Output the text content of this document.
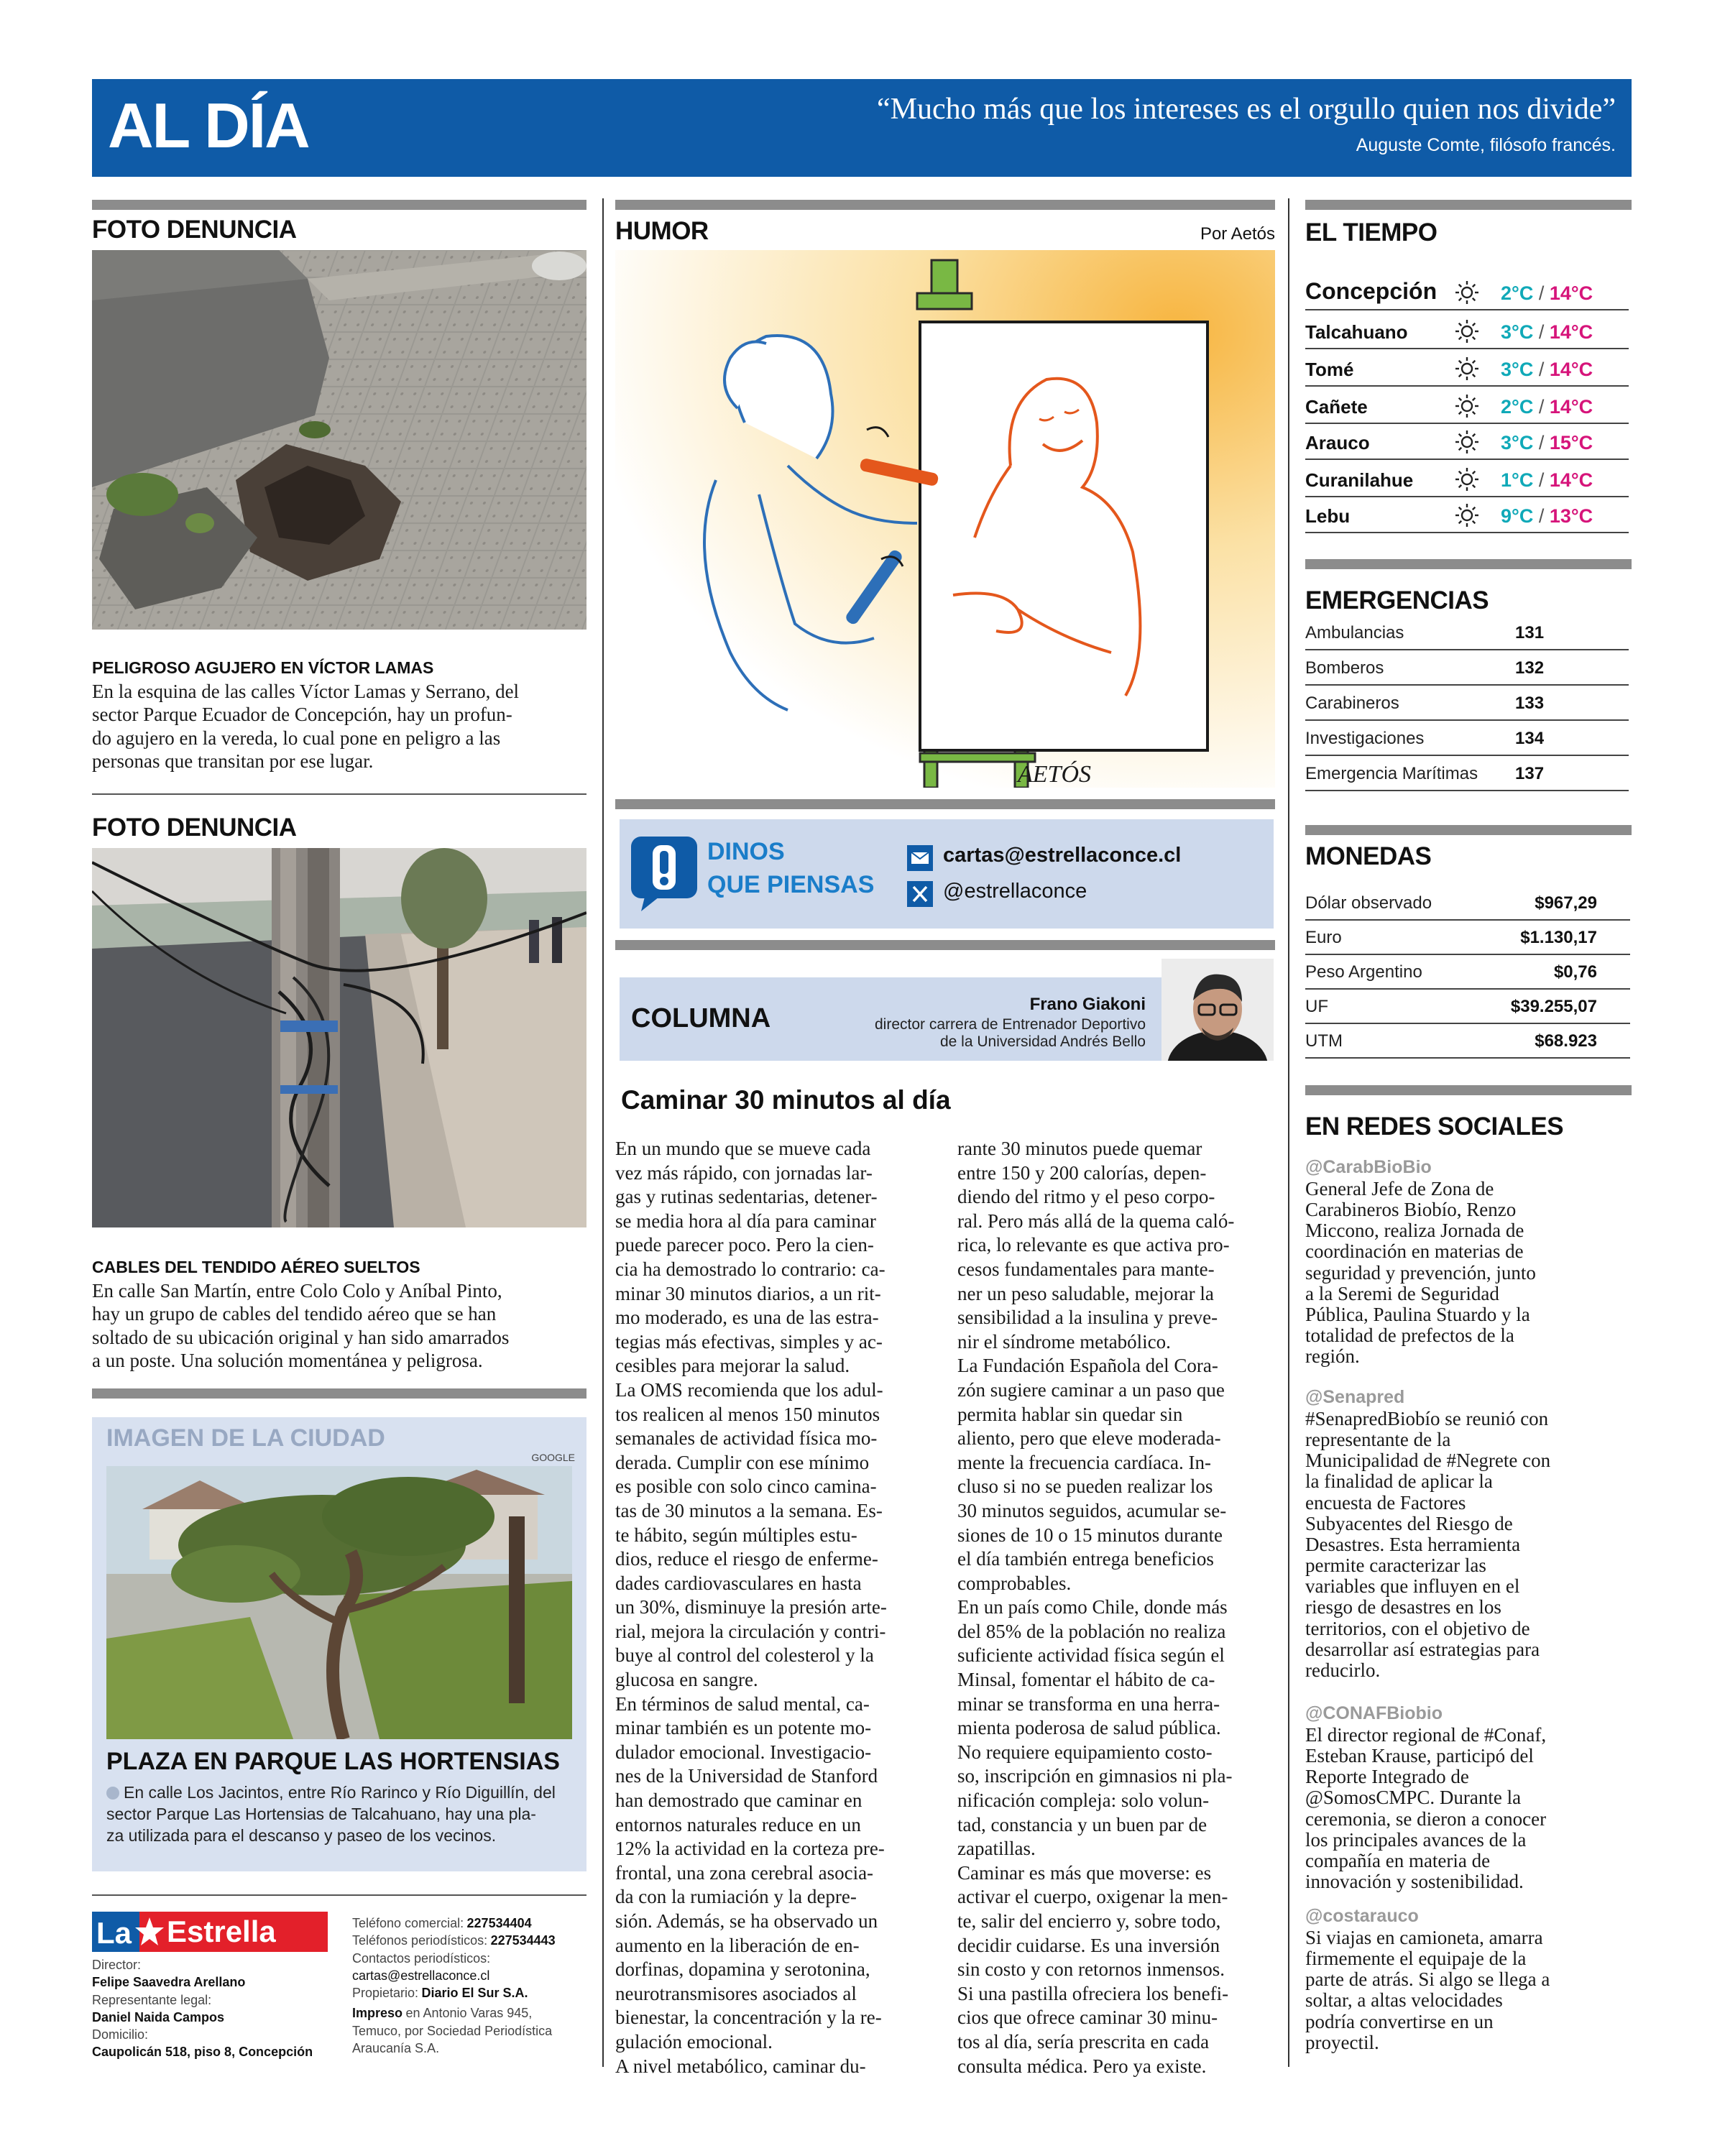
AL DÍA	“Mucho más que los intereses es el orgullo quien nos divide”
Auguste Comte, filósofo francés.
FOTO DENUNCIA
PELIGROSO AGUJERO EN VÍCTOR LAMAS
En la esquina de las calles Víctor Lamas y Serrano, del
sector Parque Ecuador de Concepción, hay un profun-
do agujero en la vereda, lo cual pone en peligro a las
personas que transitan por ese lugar.
FOTO DENUNCIA
CABLES DEL TENDIDO AÉREO SUELTOS
En calle San Martín, entre Colo Colo y Aníbal Pinto,
hay un grupo de cables del tendido aéreo que se han
soltado de su ubicación original y han sido amarrados
a un poste. Una solución momentánea y peligrosa.
IMAGEN DE LA CIUDAD
GOOGLE
PLAZA EN PARQUE LAS HORTENSIAS
En calle Los Jacintos, entre Río Rarinco y Río Diguillín, del
sector Parque Las Hortensias de Talcahuano, hay una pla-
za utilizada para el descanso y paseo de los vecinos.
La Estrella
Director:
Felipe Saavedra Arellano
Representante legal:
Daniel Naida Campos
Domicilio:
Caupolicán 518, piso 8, Concepción
Teléfono comercial: 227534404
Teléfonos periodísticos: 227534443
Contactos periodísticos:
cartas@estrellaconce.cl
Propietario: Diario El Sur S.A.
Impreso en Antonio Varas 945,
Temuco, por Sociedad Periodística
Araucanía S.A.
HUMOR	Por Aetós
AETÓS
DINOS
QUE PIENSAS
cartas@estrellaconce.cl
@estrellaconce
COLUMNA	Frano Giakoni
director carrera de Entrenador Deportivo
de la Universidad Andrés Bello
Caminar 30 minutos al día
En un mundo que se mueve cada
vez más rápido, con jornadas lar-
gas y rutinas sedentarias, detener-
se media hora al día para caminar
puede parecer poco. Pero la cien-
cia ha demostrado lo contrario: ca-
minar 30 minutos diarios, a un rit-
mo moderado, es una de las estra-
tegias más efectivas, simples y ac-
cesibles para mejorar la salud.
La OMS recomienda que los adul-
tos realicen al menos 150 minutos
semanales de actividad física mo-
derada. Cumplir con ese mínimo
es posible con solo cinco camina-
tas de 30 minutos a la semana. Es-
te hábito, según múltiples estu-
dios, reduce el riesgo de enferme-
dades cardiovasculares en hasta
un 30%, disminuye la presión arte-
rial, mejora la circulación y contri-
buye al control del colesterol y la
glucosa en sangre.
En términos de salud mental, ca-
minar también es un potente mo-
dulador emocional. Investigacio-
nes de la Universidad de Stanford
han demostrado que caminar en
entornos naturales reduce en un
12% la actividad en la corteza pre-
frontal, una zona cerebral asocia-
da con la rumiación y la depre-
sión. Además, se ha observado un
aumento en la liberación de en-
dorfinas, dopamina y serotonina,
neurotransmisores asociados al
bienestar, la concentración y la re-
gulación emocional.
A nivel metabólico, caminar du-
rante 30 minutos puede quemar
entre 150 y 200 calorías, depen-
diendo del ritmo y el peso corpo-
ral. Pero más allá de la quema caló-
rica, lo relevante es que activa pro-
cesos fundamentales para mante-
ner un peso saludable, mejorar la
sensibilidad a la insulina y preve-
nir el síndrome metabólico.
La Fundación Española del Cora-
zón sugiere caminar a un paso que
permita hablar sin quedar sin
aliento, pero que eleve moderada-
mente la frecuencia cardíaca. In-
cluso si no se pueden realizar los
30 minutos seguidos, acumular se-
siones de 10 o 15 minutos durante
el día también entrega beneficios
comprobables.
En un país como Chile, donde más
del 85% de la población no realiza
suficiente actividad física según el
Minsal, fomentar el hábito de ca-
minar se transforma en una herra-
mienta poderosa de salud pública.
No requiere equipamiento costo-
so, inscripción en gimnasios ni pla-
nificación compleja: solo volun-
tad, constancia y un buen par de
zapatillas.
Caminar es más que moverse: es
activar el cuerpo, oxigenar la men-
te, salir del encierro y, sobre todo,
decidir cuidarse. Es una inversión
sin costo y con retornos inmensos.
Si una pastilla ofreciera los benefi-
cios que ofrece caminar 30 minu-
tos al día, sería prescrita en cada
consulta médica. Pero ya existe.
EL TIEMPO
Concepción	2°C / 14°C
Talcahuano	3°C / 14°C
Tomé	3°C / 14°C
Cañete	2°C / 14°C
Arauco	3°C / 15°C
Curanilahue	1°C / 14°C
Lebu	9°C / 13°C
EMERGENCIAS
Ambulancias	131
Bomberos	132
Carabineros	133
Investigaciones	134
Emergencia Marítimas 137
MONEDAS
Dólar observado	$967,29
Euro	$1.130,17
Peso Argentino	$0,76
UF	$39.255,07
UTM	$68.923
EN REDES SOCIALES
@CarabBioBio
General Jefe de Zona de
Carabineros Biobío, Renzo
Miccono, realiza Jornada de
coordinación en materias de
seguridad y prevención, junto
a la Seremi de Seguridad
Pública, Paulina Stuardo y la
totalidad de prefectos de la
región.
@Senapred
#SenapredBiobío se reunió con
representante de la
Municipalidad de #Negrete con
la finalidad de aplicar la
encuesta de Factores
Subyacentes del Riesgo de
Desastres. Esta herramienta
permite caracterizar las
variables que influyen en el
riesgo de desastres en los
territorios, con el objetivo de
desarrollar así estrategias para
reducirlo.
@CONAFBiobio
El director regional de #Conaf,
Esteban Krause, participó del
Reporte Integrado de
@SomosCMPC. Durante la
ceremonia, se dieron a conocer
los principales avances de la
compañía en materia de
innovación y sostenibilidad.
@costarauco
Si viajas en camioneta, amarra
firmemente el equipaje de la
parte de atrás. Si algo se llega a
soltar, a altas velocidades
podría convertirse en un
proyectil.
